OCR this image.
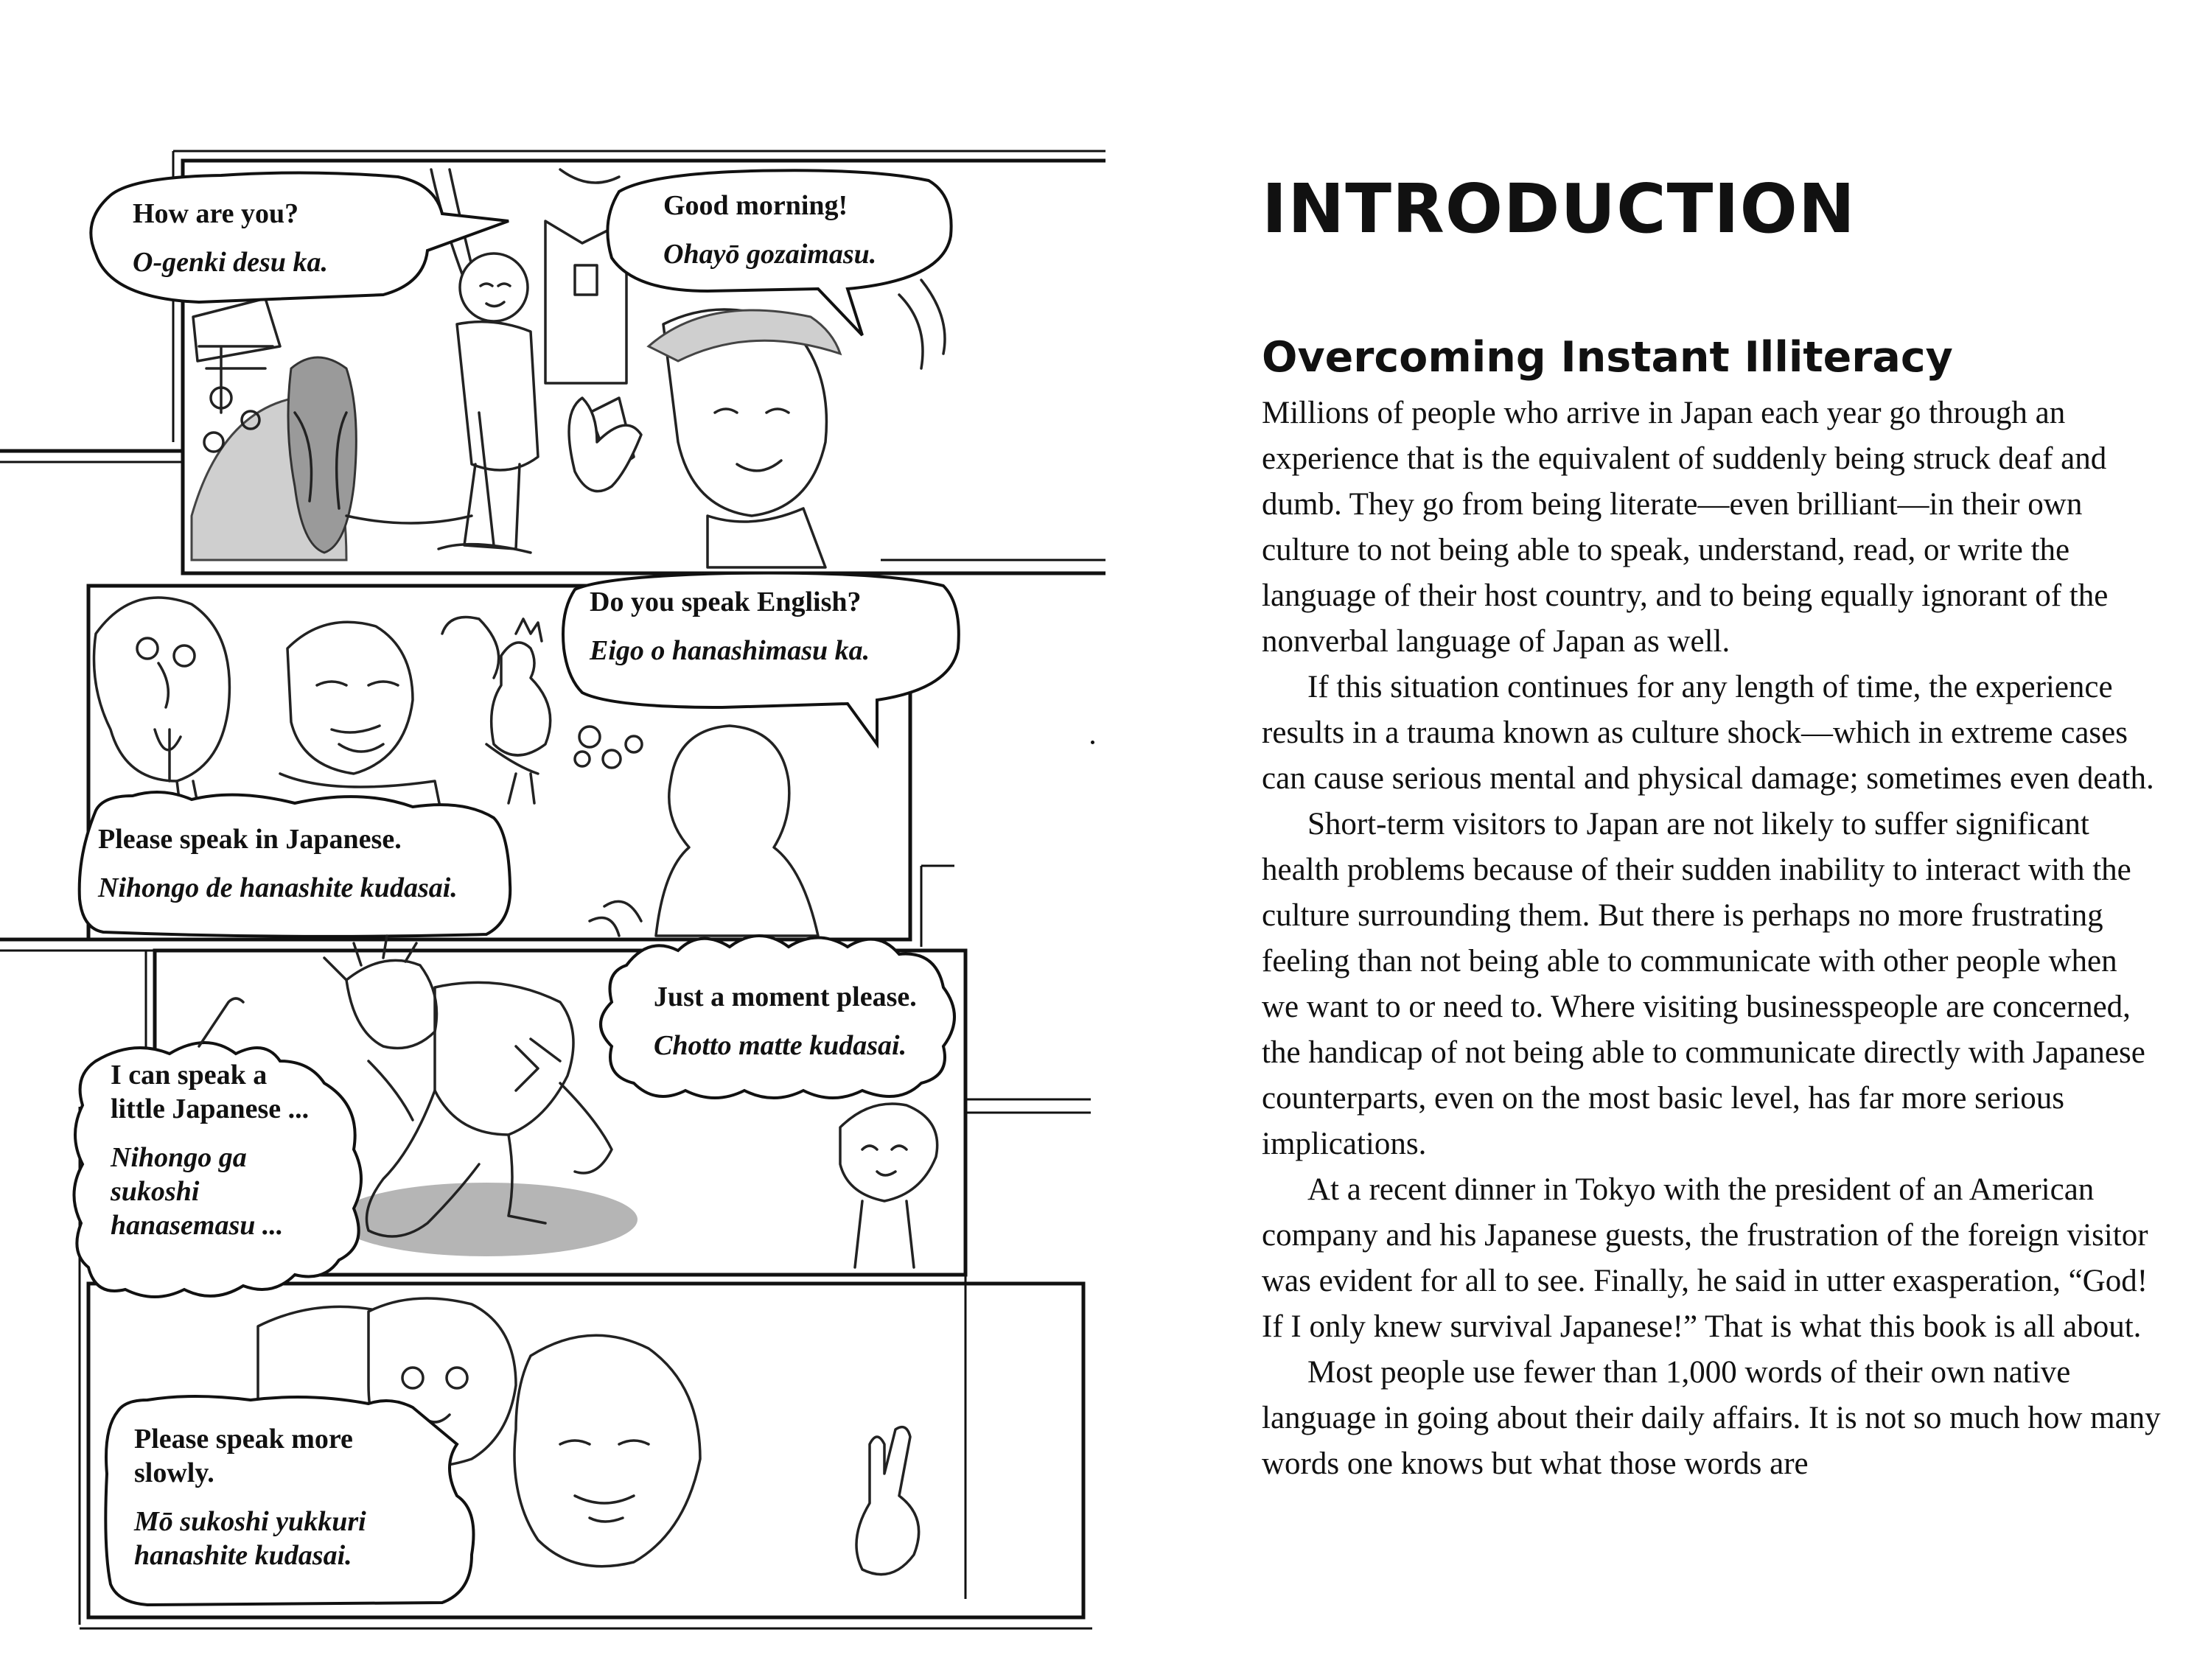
How are you?
O-genki desu ka.
Good morning!
Ohayō gozaimasu.
Do you speak English?
Eigo o hanashimasu ka.
Please speak in Japanese.
Nihongo de hanashite kudasai.
Just a moment please.
Chotto matte kudasai.
I can speak a
little Japanese ...
Nihongo ga
sukoshi
hanasemasu ...
Please speak more
slowly.
Mō sukoshi yukkuri
hanashite kudasai.
INTRODUCTION
Overcoming Instant Illiteracy

Millions of people who arrive in Japan each year go through an experience that is the equivalent of suddenly being struck deaf and dumb. They go from being literate—even brilliant—in their own culture to not being able to speak, understand, read, or write the language of their host country, and to being equally ignorant of the nonverbal language of Japan as well.

If this situation continues for any length of time, the experience results in a trauma known as culture shock—which in extreme cases can cause serious mental and physical damage; sometimes even death.

Short-term visitors to Japan are not likely to suffer significant health problems because of their sudden inability to interact with the culture surrounding them. But there is perhaps no more frustrating feeling than not being able to communicate with other people when we want to or need to. Where visiting businesspeople are concerned, the handicap of not being able to communicate directly with Japanese counterparts, even on the most basic level, has far more serious implications.

At a recent dinner in Tokyo with the president of an American company and his Japanese guests, the frustration of the foreign visitor was evident for all to see. Finally, he said in utter exasperation, “God! If I only knew survival Japanese!” That is what this book is all about.

Most people use fewer than 1,000 words of their own native language in going about their daily affairs. It is not so much how many words one knows but what those words are
